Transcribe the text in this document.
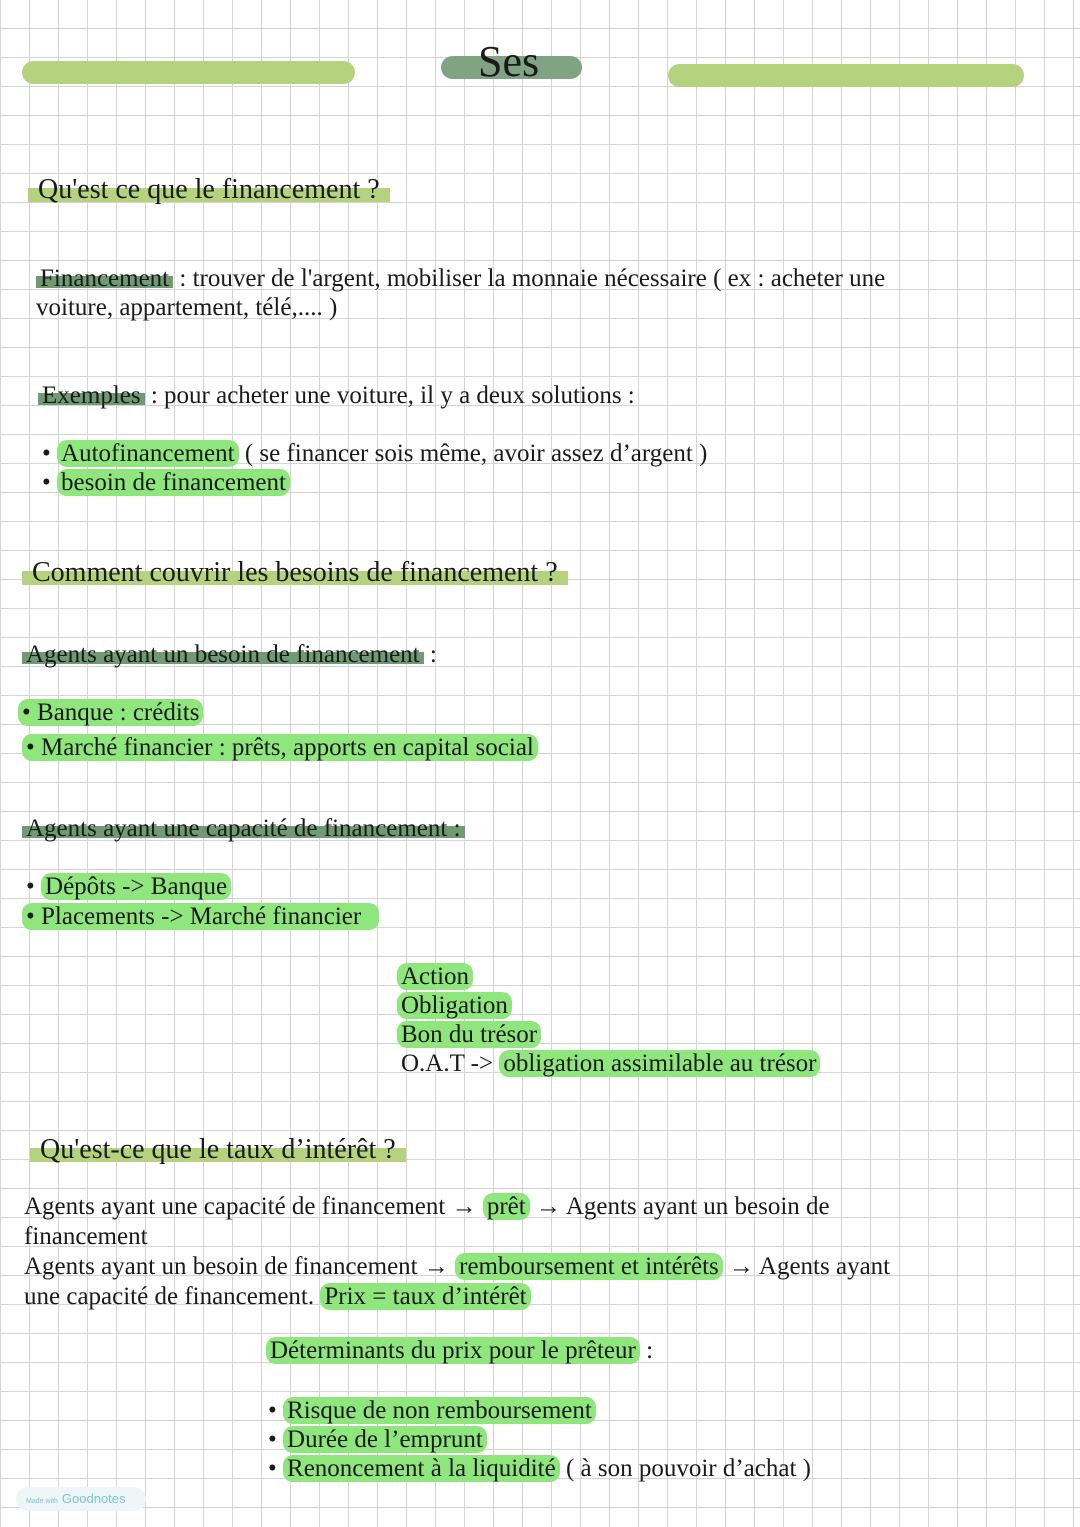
Ses
Qu'est ce que le financement ?
Financement : trouver de l'argent, mobiliser la monnaie nécessaire ( ex : acheter une
voiture, appartement, télé,.... )
Exemples : pour acheter une voiture, il y a deux solutions :
• Autofinancement ( se financer sois même, avoir assez d’argent )
• besoin de financement
Comment couvrir les besoins de financement ?
Agents ayant un besoin de financement :
• Banque : crédits
• Marché financier : prêts, apports en capital social
Agents ayant une capacité de financement :
• Dépôts -> Banque
• Placements -> Marché financier
Action
Obligation
Bon du trésor
O.A.T -> obligation assimilable au trésor
Qu'est-ce que le taux d’intérêt ?
Agents ayant une capacité de financement → prêt → Agents ayant un besoin de
financement
Agents ayant un besoin de financement → remboursement et intérêts → Agents ayant
une capacité de financement. Prix = taux d’intérêt
Déterminants du prix pour le prêteur :
• Risque de non remboursement
• Durée de l’emprunt
• Renoncement à la liquidité ( à son pouvoir d’achat )
Made with Goodnotes
